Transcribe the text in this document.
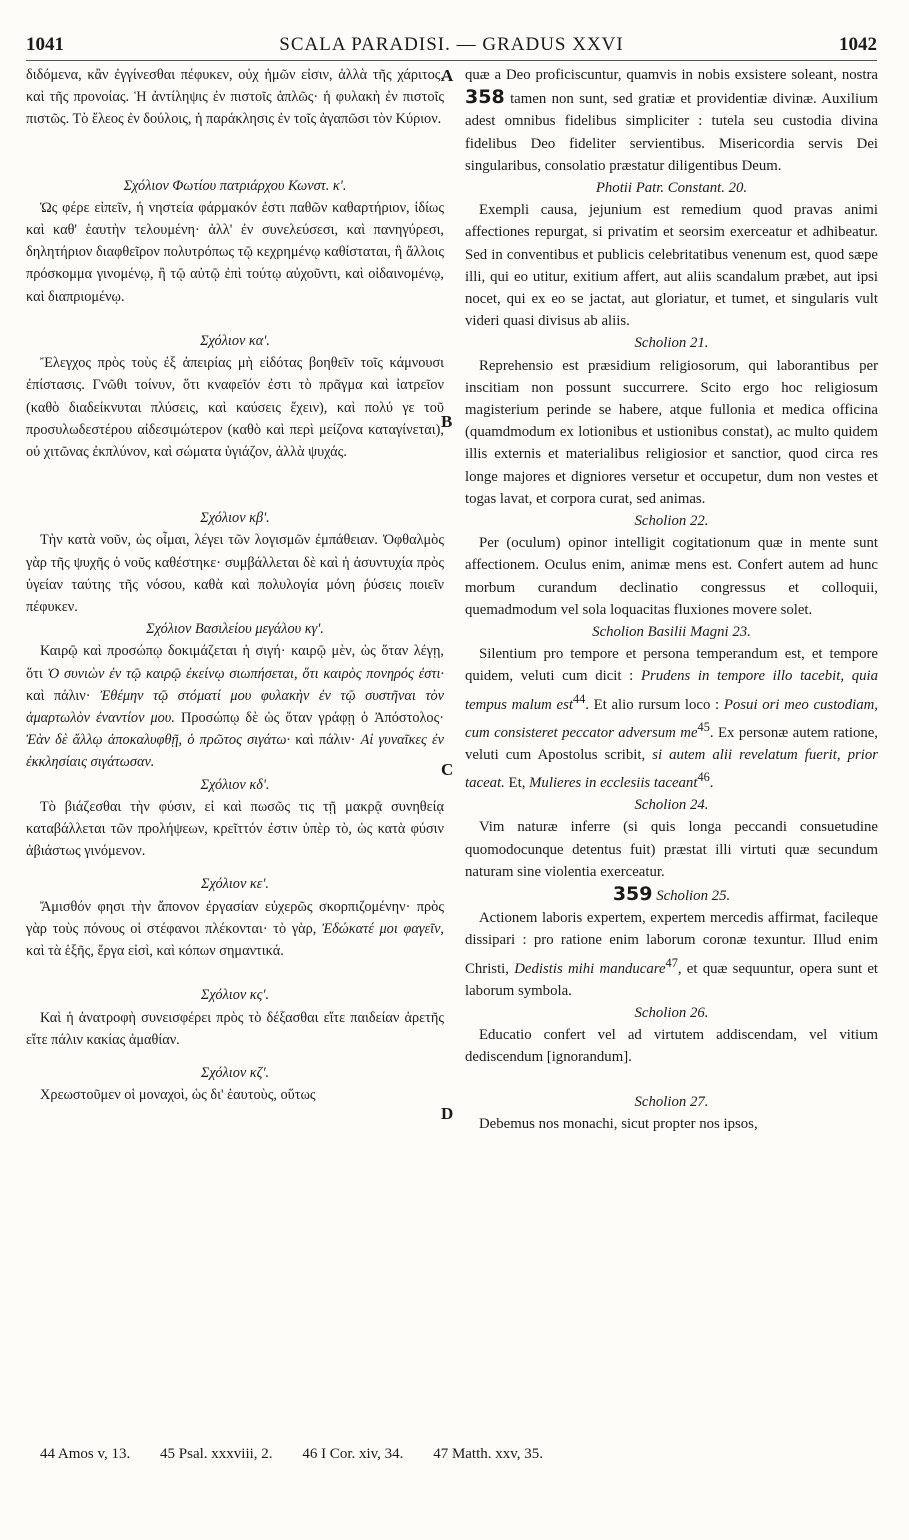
1041	SCALA PARADISI. — GRADUS XXVI	1042
A
B
C
D

διδόμενα, κἂν ἐγγίνεσθαι πέφυκεν, οὐχ ἡμῶν εἰσιν, ἀλλὰ τῆς χάριτος, καὶ τῆς προνοίας. Ἡ ἀντίληψις ἐν πιστοῖς ἁπλῶς· ἡ φυλακὴ ἐν πιστοῖς πιστῶς. Τὸ ἔλεος ἐν δούλοις, ἡ παράκλησις ἐν τοῖς ἀγαπῶσι τὸν Κύριον.

Σχόλιον Φωτίου πατριάρχου Κωνστ. κ'.

Ὡς φέρε εἰπεῖν, ἡ νηστεία φάρμακόν ἐστι παθῶν καθαρτήριον, ἰδίως καὶ καθ' ἑαυτὴν τελουμένη· ἀλλ' ἐν συνελεύσεσι, καὶ πανηγύρεσι, δηλητήριον διαφθεῖρον πολυτρόπως τῷ κεχρημένῳ καθίσταται, ἢ ἄλλοις πρόσκομμα γινομένῳ, ἢ τῷ αὐτῷ ἐπὶ τούτῳ αὐχοῦντι, καὶ οἰδαινομένῳ, καὶ διαπριομένῳ.

Σχόλιον κα'.

Ἔλεγχος πρὸς τοὺς ἐξ ἀπειρίας μὴ εἰδότας βοηθεῖν τοῖς κάμνουσι ἐπίστασις. Γνῶθι τοίνυν, ὅτι κναφεῖόν ἐστι τὸ πρᾶγμα καὶ ἰατρεῖον (καθὸ διαδείκνυται πλύσεις, καὶ καύσεις ἔχειν), καὶ πολύ γε τοῦ προσυλωδεστέρου αἰδεσιμώτερον (καθὸ καὶ περὶ μείζονα καταγίνεται), οὐ χιτῶνας ἐκπλύνον, καὶ σώματα ὑγιάζον, ἀλλὰ ψυχάς.

Σχόλιον κβ'.

Τὴν κατὰ νοῦν, ὡς οἶμαι, λέγει τῶν λογισμῶν ἐμπάθειαν. Ὀφθαλμὸς γὰρ τῆς ψυχῆς ὁ νοῦς καθέστηκε· συμβάλλεται δὲ καὶ ἡ ἀσυντυχία πρὸς ὑγείαν ταύτης τῆς νόσου, καθὰ καὶ πολυλογία μόνη ῥύσεις ποιεῖν πέφυκεν.

Σχόλιον Βασιλείου μεγάλου κγ'.

Καιρῷ καὶ προσώπῳ δοκιμάζεται ἡ σιγή· καιρῷ μὲν, ὡς ὅταν λέγῃ, ὅτι Ὁ συνιὼν ἐν τῷ καιρῷ ἐκείνῳ σιωπήσεται, ὅτι καιρὸς πονηρός ἐστι· καὶ πάλιν· Ἐθέμην τῷ στόματί μου φυλακὴν ἐν τῷ συστῆναι τὸν ἁμαρτωλὸν ἐναντίον μου. Προσώπῳ δὲ ὡς ὅταν γράφῃ ὁ Ἀπόστολος· Ἐὰν δὲ ἄλλῳ ἀποκαλυφθῇ, ὁ πρῶτος σιγάτω· καὶ πάλιν· Αἱ γυναῖκες ἐν ἐκκλησίαις σιγάτωσαν.

Σχόλιον κδ'.

Τὸ βιάζεσθαι τὴν φύσιν, εἰ καὶ πωσῶς τις τῇ μακρᾷ συνηθείᾳ καταβάλλεται τῶν προλήψεων, κρεῖττόν ἐστιν ὑπὲρ τὸ, ὡς κατὰ φύσιν ἀβιάστως γινόμενον.

Σχόλιον κε'.

Ἄμισθόν φησι τὴν ἄπονον ἐργασίαν εὐχερῶς σκορπιζομένην· πρὸς γὰρ τοὺς πόνους οἱ στέφανοι πλέκονται· τὸ γὰρ, Ἐδώκατέ μοι φαγεῖν, καὶ τὰ ἑξῆς, ἔργα εἰσὶ, καὶ κόπων σημαντικά.

Σχόλιον κς'.

Καὶ ἡ ἀνατροφὴ συνεισφέρει πρὸς τὸ δέξασθαι εἴτε παιδείαν ἀρετῆς εἴτε πάλιν κακίας ἀμαθίαν.

Σχόλιον κζ'.

Χρεωστοῦμεν οἱ μοναχοὶ, ὡς δι' ἑαυτοὺς, οὕτως

quæ a Deo proficiscuntur, quamvis in nobis exsistere soleant, nostra 358 tamen non sunt, sed gratiæ et providentiæ divinæ. Auxilium adest omnibus fidelibus simpliciter : tutela seu custodia divina fidelibus Deo fideliter servientibus. Misericordia servis Dei singularibus, consolatio præstatur diligentibus Deum.

Photii Patr. Constant. 20.

Exempli causa, jejunium est remedium quod pravas animi affectiones repurgat, si privatim et seorsim exerceatur et adhibeatur. Sed in conventibus et publicis celebritatibus venenum est, quod sæpe illi, qui eo utitur, exitium affert, aut aliis scandalum præbet, aut ipsi nocet, qui ex eo se jactat, aut gloriatur, et tumet, et singularis vult videri quasi divisus ab aliis.

Scholion 21.

Reprehensio est præsidium religiosorum, qui laborantibus per inscitiam non possunt succurrere. Scito ergo hoc religiosum magisterium perinde se habere, atque fullonia et medica officina (quamdmodum ex lotionibus et ustionibus constat), ac multo quidem illis externis et materialibus religiosior et sanctior, quod circa res longe majores et digniores versetur et occupetur, dum non vestes et togas lavat, et corpora curat, sed animas.

Scholion 22.

Per (oculum) opinor intelligit cogitationum quæ in mente sunt affectionem. Oculus enim, animæ mens est. Confert autem ad hunc morbum curandum declinatio congressus et colloquii, quemadmodum vel sola loquacitas fluxiones movere solet.

Scholion Basilii Magni 23.

Silentium pro tempore et persona temperandum est, et tempore quidem, veluti cum dicit : Prudens in tempore illo tacebit, quia tempus malum est$^{44}$. Et alio rursum loco : Posui ori meo custodiam, cum consisteret peccator adversum $me^{45}$. Ex personæ autem ratione, veluti cum Apostolus scribit, si autem alii revelatum fuerit, prior taceat. Et, Mulieres in ecclesiis taceant$^{46}$.

Scholion 24.

Vim naturæ inferre (si quis longa peccandi consuetudine quomodocunque detentus fuit) præstat illi virtuti quæ secundum naturam sine violentia exerceatur.

359 Scholion 25.

Actionem laboris expertem, expertem mercedis affirmat, facileque dissipari : pro ratione enim laborum coronæ texuntur. Illud enim Christi, Dedistis mihi manducare$^{47}$, et quæ sequuntur, opera sunt et laborum symbola.

Scholion 26.

Educatio confert vel ad virtutem addiscendam, vel vitium dediscendum [ignorandum].

Scholion 27.

Debemus nos monachi, sicut propter nos ipsos,

44 Amos v, 13. 45 Psal. xxxviii, 2. 46 I Cor. xiv, 34. 47 Matth. xxv, 35.
